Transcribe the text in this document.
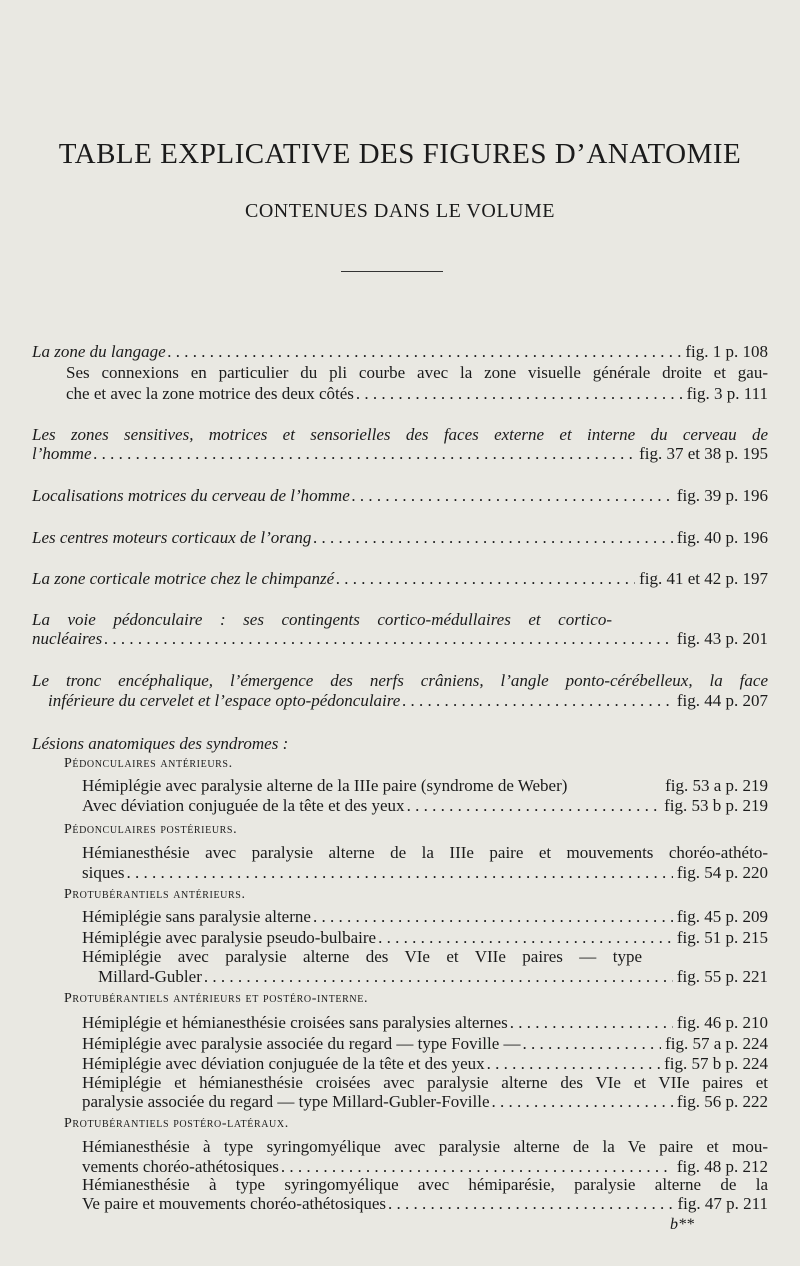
TABLE EXPLICATIVE DES FIGURES D’ANATOMIE
CONTENUES DANS LE VOLUME
La zone du langage . . .	fig. 1 p. 108
Ses connexions en particulier du pli courbe avec la zone visuelle générale droite et gau-
che et avec la zone motrice des deux côtés . . .	fig. 3 p. 111
Les zones sensitives, motrices et sensorielles des faces externe et interne du cerveau de
l’homme . . .	fig. 37 et 38 p. 195
Localisations motrices du cerveau de l’homme . . .	fig. 39 p. 196
Les centres moteurs corticaux de l’orang . . .	fig. 40 p. 196
La zone corticale motrice chez le chimpanzé . . .	fig. 41 et 42 p. 197
La voie pédonculaire : ses contingents cortico-médullaires et cortico-
nucléaires . . .	fig. 43 p. 201
Le tronc encéphalique, l’émergence des nerfs crâniens, l’angle ponto-cérébelleux, la face
inférieure du cervelet et l’espace opto-pédonculaire . . .	fig. 44 p. 207
Lésions anatomiques des syndromes :
Pédonculaires antérieurs.
Hémiplégie avec paralysie alterne de la IIIe paire (syndrome de Weber)	fig. 53 a p. 219
Avec déviation conjuguée de la tête et des yeux . . .	fig. 53 b p. 219
Pédonculaires postérieurs.
Hémianesthésie avec paralysie alterne de la IIIe paire et mouvements choréo-athéto-
siques . . .	fig. 54 p. 220
Protubérantiels antérieurs.
Hémiplégie sans paralysie alterne . . .	fig. 45 p. 209
Hémiplégie avec paralysie pseudo-bulbaire . . .	fig. 51 p. 215
Hémiplégie avec paralysie alterne des VIe et VIIe paires — type
Millard-Gubler . . .	fig. 55 p. 221
Protubérantiels antérieurs et postéro-interne.
Hémiplégie et hémianesthésie croisées sans paralysies alternes . . .	fig. 46 p. 210
Hémiplégie avec paralysie associée du regard — type Foville — . . .	fig. 57 a p. 224
Hémiplégie avec déviation conjuguée de la tête et des yeux . . .	fig. 57 b p. 224
Hémiplégie et hémianesthésie croisées avec paralysie alterne des VIe et VIIe paires et
paralysie associée du regard — type Millard-Gubler-Foville . . .	fig. 56 p. 222
Protubérantiels postéro-latéraux.
Hémianesthésie à type syringomyélique avec paralysie alterne de la Ve paire et mou-
vements choréo-athétosiques . . .	fig. 48 p. 212
Hémianesthésie à type syringomyélique avec hémiparésie, paralysie alterne de la
Ve paire et mouvements choréo-athétosiques . . .	fig. 47 p. 211
b**
